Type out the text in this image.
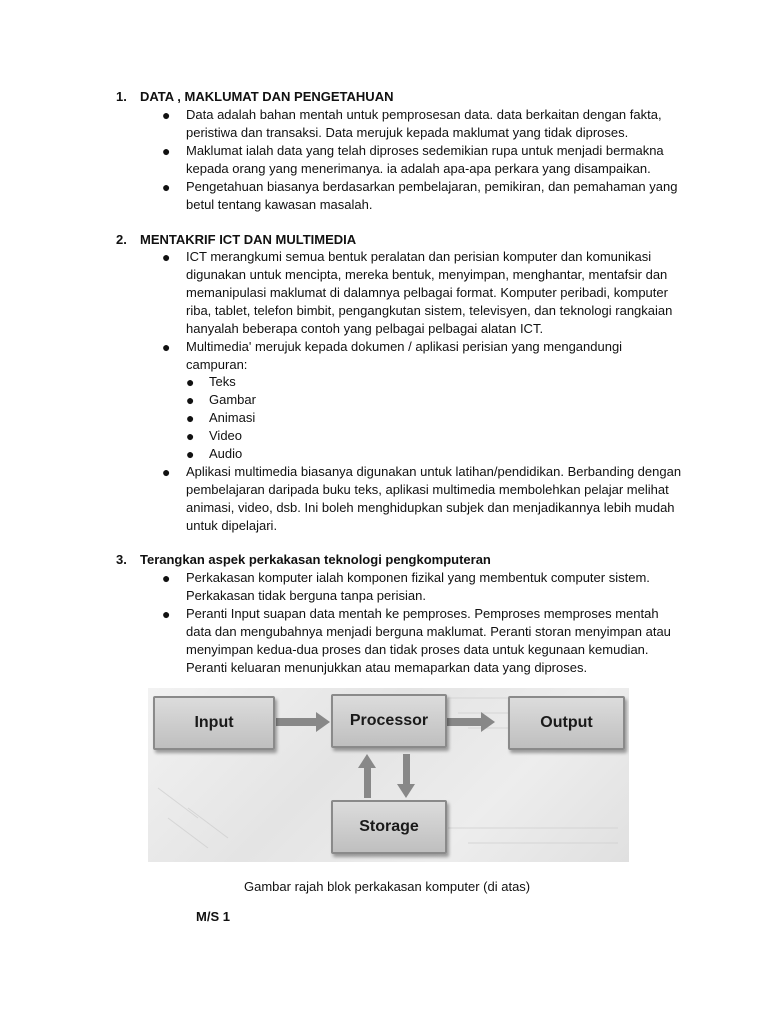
1. DATA , MAKLUMAT DAN PENGETAHUAN
● Data adalah bahan mentah untuk pemprosesan data. data berkaitan dengan fakta, peristiwa dan transaksi. Data merujuk kepada maklumat yang tidak diproses.
● Maklumat ialah data yang telah diproses sedemikian rupa untuk menjadi bermakna kepada orang yang menerimanya. ia adalah apa-apa perkara yang disampaikan.
● Pengetahuan biasanya berdasarkan pembelajaran, pemikiran, dan pemahaman yang betul tentang kawasan masalah.
2. MENTAKRIF ICT DAN MULTIMEDIA
● ICT merangkumi semua bentuk peralatan dan perisian komputer dan komunikasi digunakan untuk mencipta, mereka bentuk, menyimpan, menghantar, mentafsir dan memanipulasi maklumat di dalamnya pelbagai format. Komputer peribadi, komputer riba, tablet, telefon bimbit, pengangkutan sistem, televisyen, dan teknologi rangkaian hanyalah beberapa contoh yang pelbagai pelbagai alatan ICT.
● Multimedia' merujuk kepada dokumen / aplikasi perisian yang mengandungi campuran:
● Teks
● Gambar
● Animasi
● Video
● Audio
● Aplikasi multimedia biasanya digunakan untuk latihan/pendidikan. Berbanding dengan pembelajaran daripada buku teks, aplikasi multimedia membolehkan pelajar melihat animasi, video, dsb. Ini boleh menghidupkan subjek dan menjadikannya lebih mudah untuk dipelajari.
3. Terangkan aspek perkakasan teknologi pengkomputeran
● Perkakasan komputer ialah komponen fizikal yang membentuk computer sistem. Perkakasan tidak berguna tanpa perisian.
● Peranti Input suapan data mentah ke pemproses. Pemproses memproses mentah data dan mengubahnya menjadi berguna maklumat. Peranti storan menyimpan atau menyimpan kedua-dua proses dan tidak proses data untuk kegunaan kemudian. Peranti keluaran menunjukkan atau memaparkan data yang diproses.
Input	Processor	Output
Storage
Gambar rajah blok perkakasan komputer (di atas)
M/S 1
